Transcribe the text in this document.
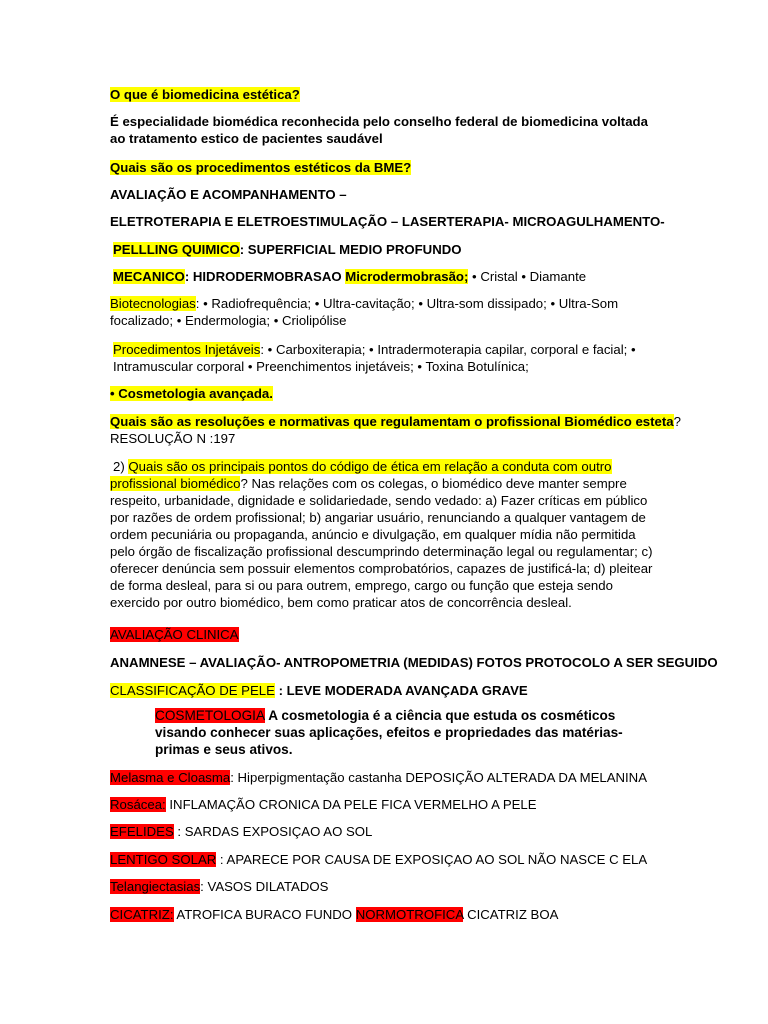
O que é biomedicina estética?
É especialidade biomédica reconhecida pelo conselho federal de biomedicina voltada ao tratamento estico de pacientes saudável
Quais são os procedimentos estéticos da BME?
AVALIAÇÃO E ACOMPANHAMENTO –
ELETROTERAPIA E ELETROESTIMULAÇÃO – LASERTERAPIA- MICROAGULHAMENTO-
PELLLING QUIMICO: SUPERFICIAL MEDIO PROFUNDO
MECANICO: HIDRODERMOBRASAO Microdermobrasão; • Cristal • Diamante
Biotecnologias: • Radiofrequência; • Ultra-cavitação; • Ultra-som dissipado; • Ultra-Som focalizado; • Endermologia; • Criolipólise
Procedimentos Injetáveis: • Carboxiterapia; • Intradermoterapia capilar, corporal e facial; • Intramuscular corporal • Preenchimentos injetáveis; • Toxina Botulínica;
• Cosmetologia avançada.
Quais são as resoluções e normativas que regulamentam o profissional Biomédico esteta?
RESOLUÇÃO N :197
2) Quais são os principais pontos do código de ética em relação a conduta com outro profissional biomédico? Nas relações com os colegas, o biomédico deve manter sempre respeito, urbanidade, dignidade e solidariedade, sendo vedado: a) Fazer críticas em público por razões de ordem profissional; b) angariar usuário, renunciando a qualquer vantagem de ordem pecuniária ou propaganda, anúncio e divulgação, em qualquer mídia não permitida pelo órgão de fiscalização profissional descumprindo determinação legal ou regulamentar; c) oferecer denúncia sem possuir elementos comprobatórios, capazes de justificá-la; d) pleitear de forma desleal, para si ou para outrem, emprego, cargo ou função que esteja sendo exercido por outro biomédico, bem como praticar atos de concorrência desleal.
AVALIAÇÃO CLINICA
ANAMNESE – AVALIAÇÃO- ANTROPOMETRIA (MEDIDAS) FOTOS PROTOCOLO A SER SEGUIDO
CLASSIFICAÇÃO DE PELE : LEVE MODERADA AVANÇADA GRAVE
COSMETOLOGIA A cosmetologia é a ciência que estuda os cosméticos visando conhecer suas aplicações, efeitos e propriedades das matérias-primas e seus ativos.
Melasma e Cloasma: Hiperpigmentação castanha DEPOSIÇÃO ALTERADA DA MELANINA
Rosácea: INFLAMAÇÃO CRONICA DA PELE FICA VERMELHO A PELE
EFELIDES : SARDAS EXPOSIÇAO AO SOL
LENTIGO SOLAR : APARECE POR CAUSA DE EXPOSIÇAO AO SOL NÃO NASCE C ELA
Telangiectasias: VASOS DILATADOS
CICATRIZ: ATROFICA BURACO FUNDO NORMOTROFICA CICATRIZ BOA
